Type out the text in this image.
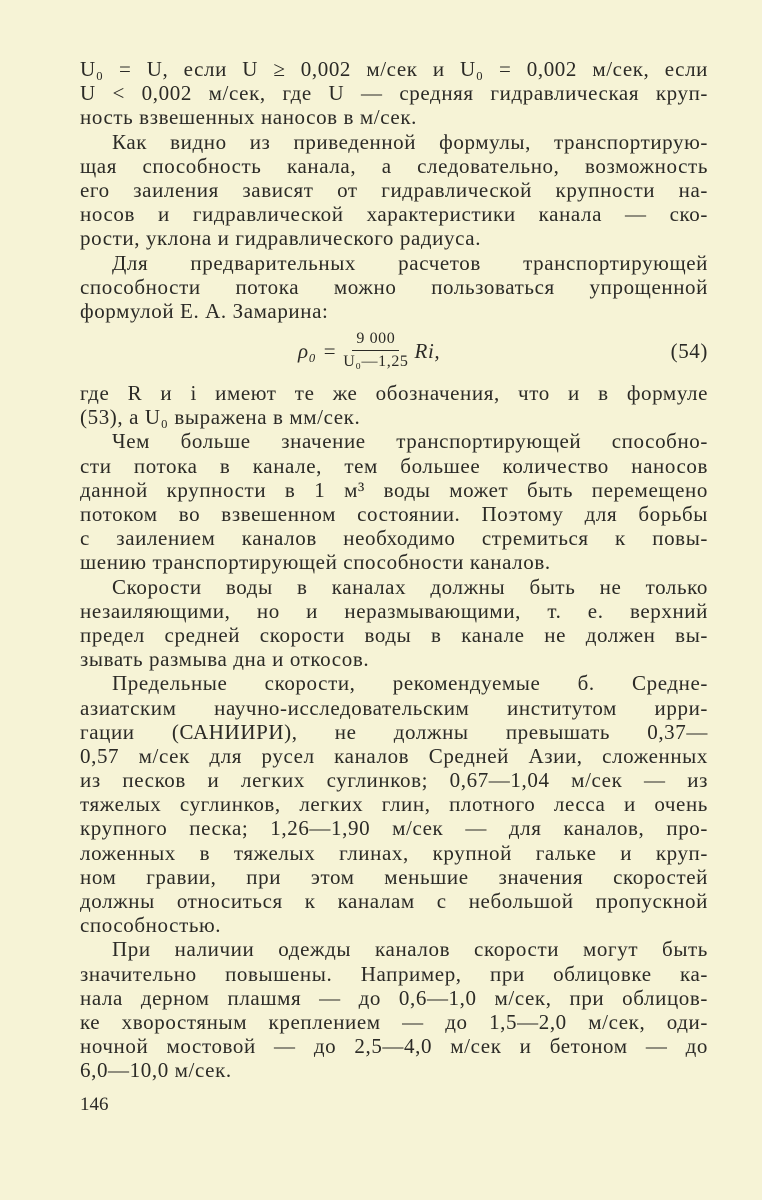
U₀ = U, если U ≥ 0,002 м/сек и U₀ = 0,002 м/сек, если
U < 0,002 м/сек, где U — средняя гидравлическая круп-
ность взвешенных наносов в м/сек.
Как видно из приведенной формулы, транспортирую-
щая способность канала, а следовательно, возможность
его заиления зависят от гидравлической крупности на-
носов и гидравлической характеристики канала — ско-
рости, уклона и гидравлического радиуса.
Для предварительных расчетов транспортирующей
способности потока можно пользоваться упрощенной
формулой Е. А. Замарина:
$\rho_0 = \frac{9 000}{\text{U₀—1,25}} Ri$,	(54)
где R и i имеют те же обозначения, что и в формуле
(53), а U₀ выражена в мм/сек.
Чем больше значение транспортирующей способно-
сти потока в канале, тем большее количество наносов
данной крупности в 1 м³ воды может быть перемещено
потоком во взвешенном состоянии. Поэтому для борьбы
с заилением каналов необходимо стремиться к повы-
шению транспортирующей способности каналов.
Скорости воды в каналах должны быть не только
незаиляющими, но и неразмывающими, т. е. верхний
предел средней скорости воды в канале не должен вы-
зывать размыва дна и откосов.
Предельные скорости, рекомендуемые б. Средне-
азиатским научно-исследовательским институтом ирри-
гации (САНИИРИ), не должны превышать 0,37—
0,57 м/сек для русел каналов Средней Азии, сложенных
из песков и легких суглинков; 0,67—1,04 м/сек — из
тяжелых суглинков, легких глин, плотного лесса и очень
крупного песка; 1,26—1,90 м/сек — для каналов, про-
ложенных в тяжелых глинах, крупной гальке и круп-
ном гравии, при этом меньшие значения скоростей
должны относиться к каналам с небольшой пропускной
способностью.
При наличии одежды каналов скорости могут быть
значительно повышены. Например, при облицовке ка-
нала дерном плашмя — до 0,6—1,0 м/сек, при облицов-
ке хворостяным креплением — до 1,5—2,0 м/сек, оди-
ночной мостовой — до 2,5—4,0 м/сек и бетоном — до
6,0—10,0 м/сек.
146
